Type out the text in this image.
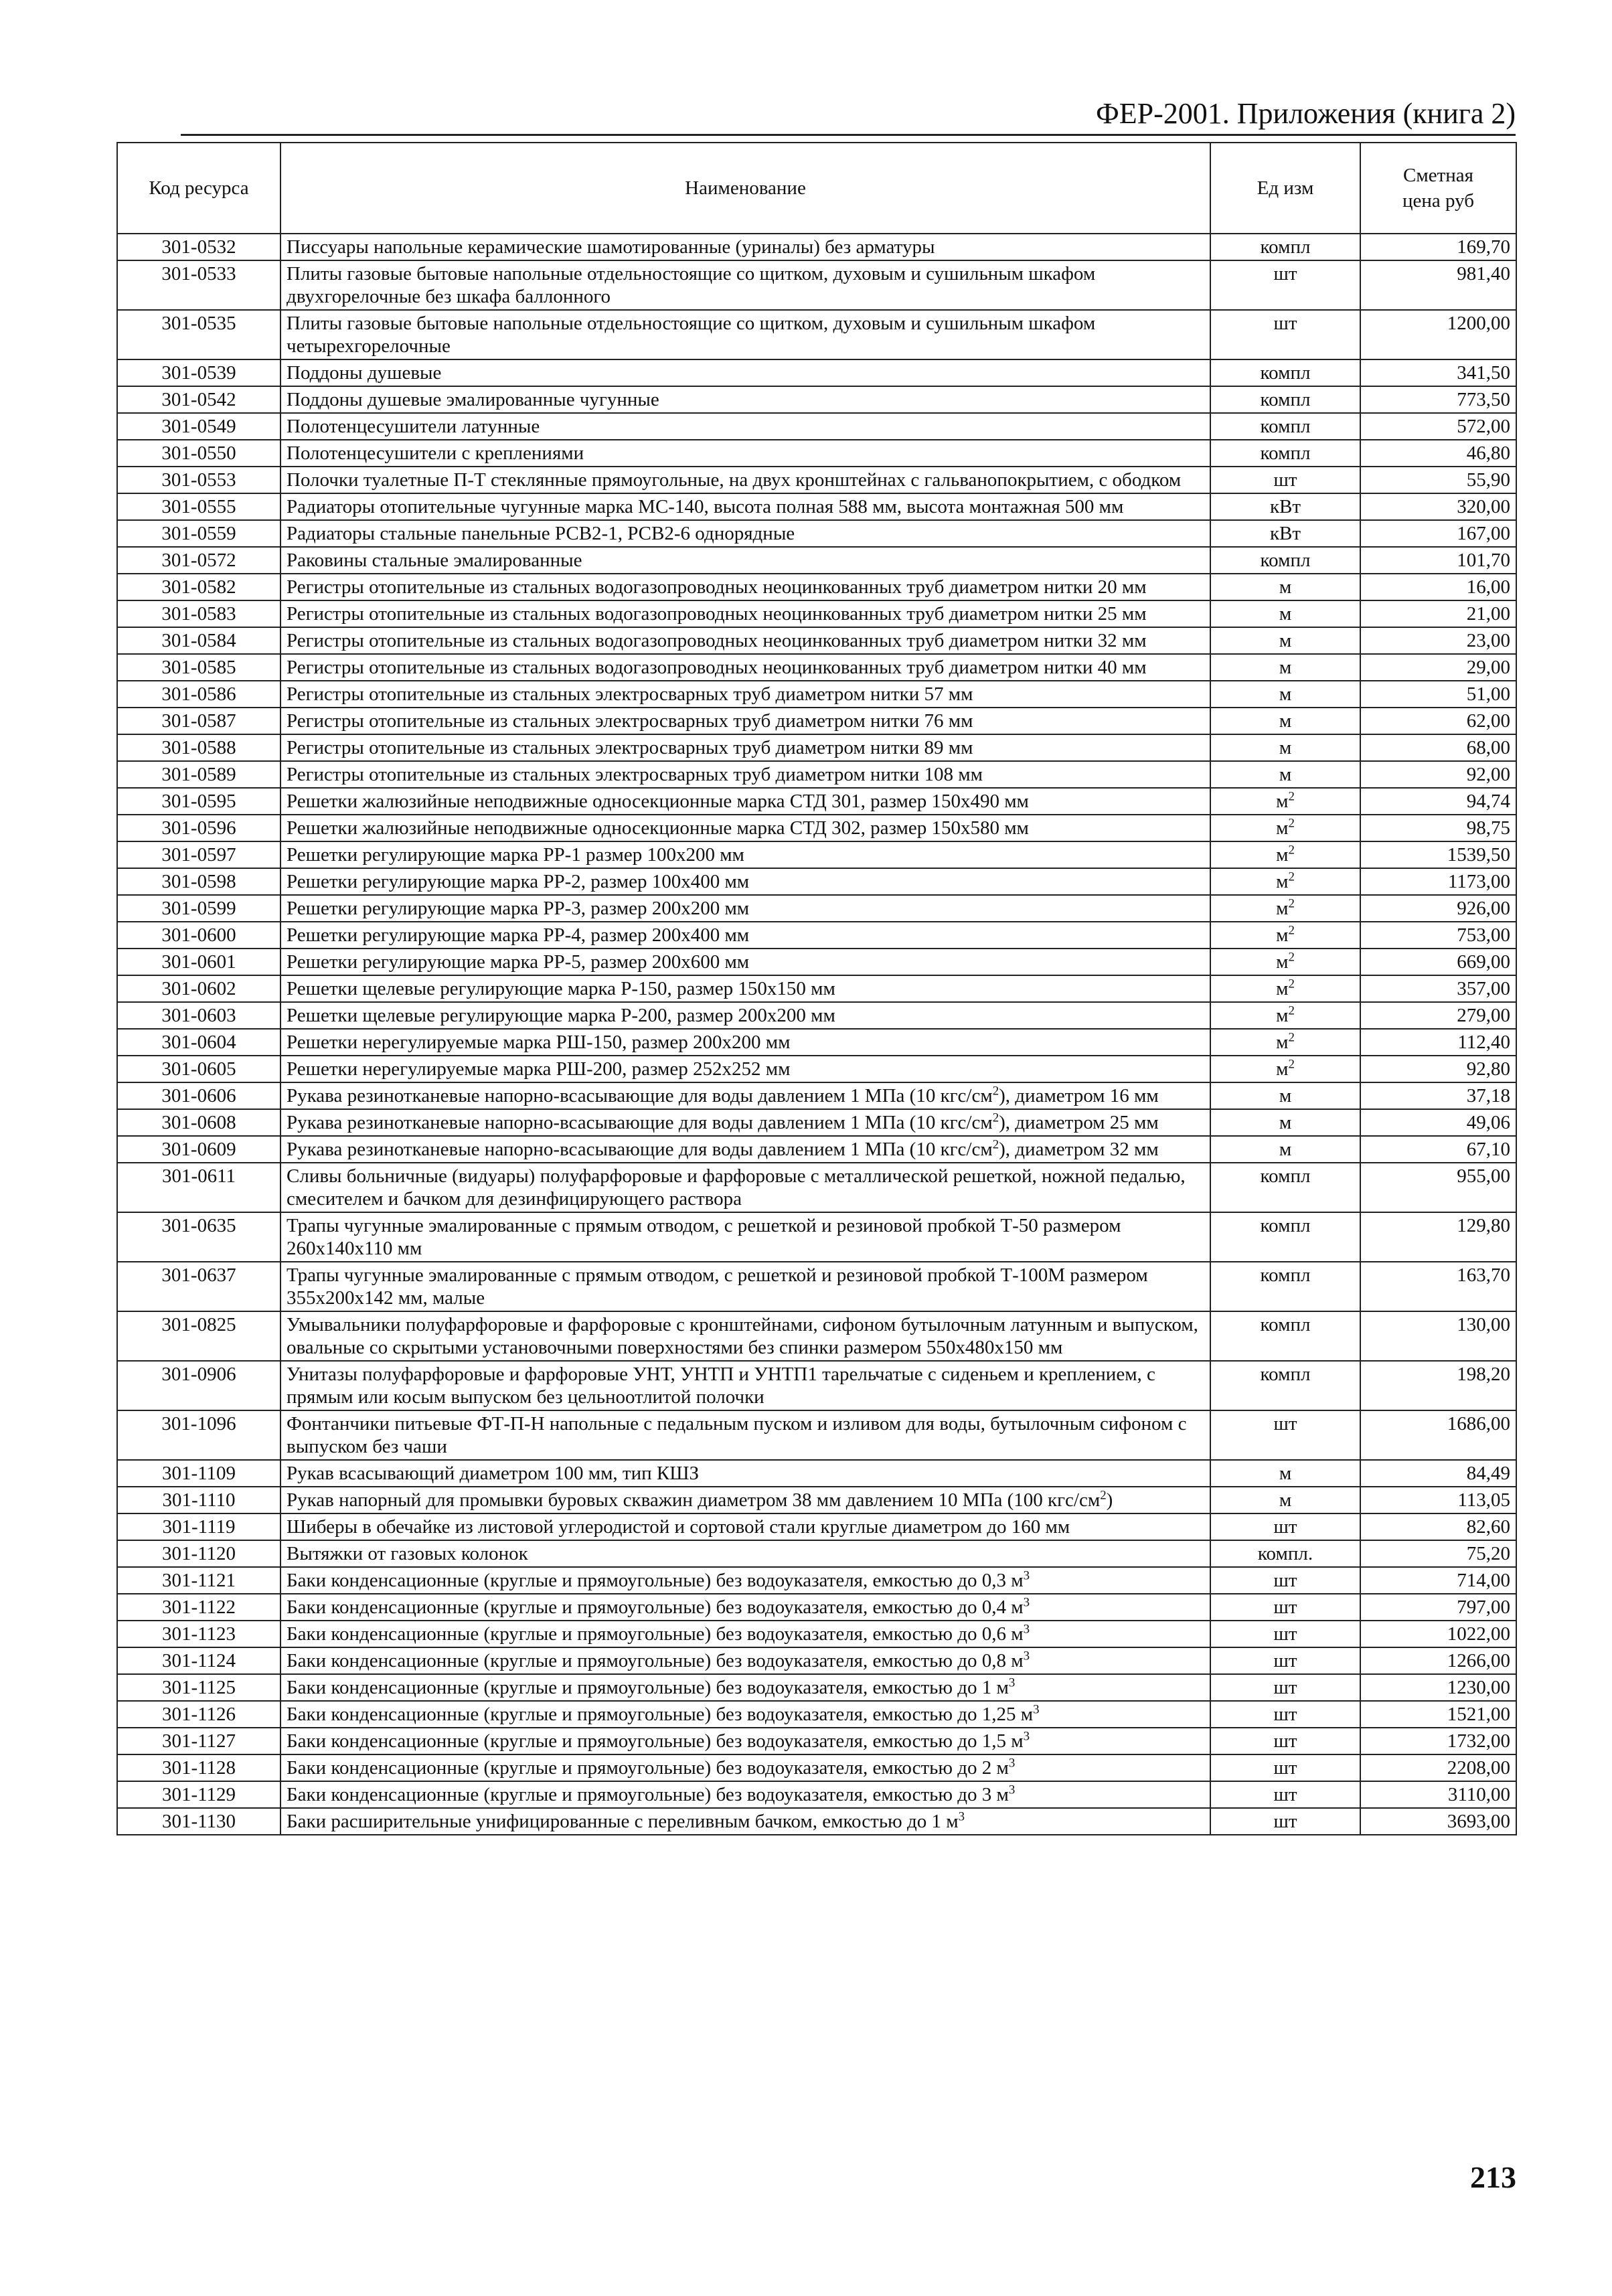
ФЕР-2001. Приложения (книга 2)
Код ресурса	Наименование	Ед изм	Сметная цена руб
301-0532	Писсуары напольные керамические шамотированные (уриналы) без арматуры	компл	169,70
301-0533	Плиты газовые бытовые напольные отдельностоящие со щитком, духовым и сушильным шкафом двухгорелочные без шкафа баллонного	шт	981,40
301-0535	Плиты газовые бытовые напольные отдельностоящие со щитком, духовым и сушильным шкафом четырехгорелочные	шт	1200,00
301-0539	Поддоны душевые	компл	341,50
301-0542	Поддоны душевые эмалированные чугунные	компл	773,50
301-0549	Полотенцесушители латунные	компл	572,00
301-0550	Полотенцесушители с креплениями	компл	46,80
301-0553	Полочки туалетные П-Т стеклянные прямоугольные, на двух кронштейнах с гальванопокрытием, с ободком	шт	55,90
301-0555	Радиаторы отопительные чугунные марка МС-140, высота полная 588 мм, высота монтажная 500 мм	кВт	320,00
301-0559	Радиаторы стальные панельные РСВ2-1, РСВ2-6 однорядные	кВт	167,00
301-0572	Раковины стальные эмалированные	компл	101,70
301-0582	Регистры отопительные из стальных водогазопроводных неоцинкованных труб диаметром нитки 20 мм	м	16,00
301-0583	Регистры отопительные из стальных водогазопроводных неоцинкованных труб диаметром нитки 25 мм	м	21,00
301-0584	Регистры отопительные из стальных водогазопроводных неоцинкованных труб диаметром нитки 32 мм	м	23,00
301-0585	Регистры отопительные из стальных водогазопроводных неоцинкованных труб диаметром нитки 40 мм	м	29,00
301-0586	Регистры отопительные из стальных электросварных труб диаметром нитки 57 мм	м	51,00
301-0587	Регистры отопительные из стальных электросварных труб диаметром нитки 76 мм	м	62,00
301-0588	Регистры отопительные из стальных электросварных труб диаметром нитки 89 мм	м	68,00
301-0589	Регистры отопительные из стальных электросварных труб диаметром нитки 108 мм	м	92,00
301-0595	Решетки жалюзийные неподвижные односекционные марка СТД 301, размер 150х490 мм	$м^2$	94,74
301-0596	Решетки жалюзийные неподвижные односекционные марка СТД 302, размер 150х580 мм	$м^2$	98,75
301-0597	Решетки регулирующие марка РР-1 размер 100х200 мм	$м^2$	1539,50
301-0598	Решетки регулирующие марка РР-2, размер 100х400 мм	$м^2$	1173,00
301-0599	Решетки регулирующие марка РР-3, размер 200х200 мм	$м^2$	926,00
301-0600	Решетки регулирующие марка РР-4, размер 200х400 мм	$м^2$	753,00
301-0601	Решетки регулирующие марка РР-5, размер 200х600 мм	$м^2$	669,00
301-0602	Решетки щелевые регулирующие марка Р-150, размер 150х150 мм	$м^2$	357,00
301-0603	Решетки щелевые регулирующие марка Р-200, размер 200х200 мм	$м^2$	279,00
301-0604	Решетки нерегулируемые марка РШ-150, размер 200х200 мм	$м^2$	112,40
301-0605	Решетки нерегулируемые марка РШ-200, размер 252х252 мм	$м^2$	92,80
301-0606	Рукава резинотканевые напорно-всасывающие для воды давлением 1 МПа (10 кгс/$см^2$), диаметром 16 мм	м	37,18
301-0608	Рукава резинотканевые напорно-всасывающие для воды давлением 1 МПа (10 кгс/$см^2$), диаметром 25 мм	м	49,06
301-0609	Рукава резинотканевые напорно-всасывающие для воды давлением 1 МПа (10 кгс/$см^2$), диаметром 32 мм	м	67,10
301-0611	Сливы больничные (видуары) полуфарфоровые и фарфоровые с металлической решеткой, ножной педалью, смесителем и бачком для дезинфицирующего раствора	компл	955,00
301-0635	Трапы чугунные эмалированные с прямым отводом, с решеткой и резиновой пробкой Т-50 размером 260х140х110 мм	компл	129,80
301-0637	Трапы чугунные эмалированные с прямым отводом, с решеткой и резиновой пробкой Т-100М размером 355х200х142 мм, малые	компл	163,70
301-0825	Умывальники полуфарфоровые и фарфоровые с кронштейнами, сифоном бутылочным латунным и выпуском, овальные со скрытыми установочными поверхностями без спинки размером 550х480х150 мм	компл	130,00
301-0906	Унитазы полуфарфоровые и фарфоровые УНТ, УНТП и УНТП1 тарельчатые с сиденьем и креплением, с прямым или косым выпуском без цельноотлитой полочки	компл	198,20
301-1096	Фонтанчики питьевые ФТ-П-Н напольные с педальным пуском и изливом для воды, бутылочным сифоном с выпуском без чаши	шт	1686,00
301-1109	Рукав всасывающий диаметром 100 мм, тип КШЗ	м	84,49
301-1110	Рукав напорный для промывки буровых скважин диаметром 38 мм давлением 10 МПа (100 кгс/$см^2$)	м	113,05
301-1119	Шиберы в обечайке из листовой углеродистой и сортовой стали круглые диаметром до 160 мм	шт	82,60
301-1120	Вытяжки от газовых колонок	компл.	75,20
301-1121	Баки конденсационные (круглые и прямоугольные) без водоуказателя, емкостью до 0,3 $м^3$	шт	714,00
301-1122	Баки конденсационные (круглые и прямоугольные) без водоуказателя, емкостью до 0,4 $м^3$	шт	797,00
301-1123	Баки конденсационные (круглые и прямоугольные) без водоуказателя, емкостью до 0,6 $м^3$	шт	1022,00
301-1124	Баки конденсационные (круглые и прямоугольные) без водоуказателя, емкостью до 0,8 $м^3$	шт	1266,00
301-1125	Баки конденсационные (круглые и прямоугольные) без водоуказателя, емкостью до 1 $м^3$	шт	1230,00
301-1126	Баки конденсационные (круглые и прямоугольные) без водоуказателя, емкостью до 1,25 $м^3$	шт	1521,00
301-1127	Баки конденсационные (круглые и прямоугольные) без водоуказателя, емкостью до 1,5 $м^3$	шт	1732,00
301-1128	Баки конденсационные (круглые и прямоугольные) без водоуказателя, емкостью до 2 $м^3$	шт	2208,00
301-1129	Баки конденсационные (круглые и прямоугольные) без водоуказателя, емкостью до 3 $м^3$	шт	3110,00
301-1130	Баки расширительные унифицированные с переливным бачком, емкостью до 1 $м^3$	шт	3693,00
213
